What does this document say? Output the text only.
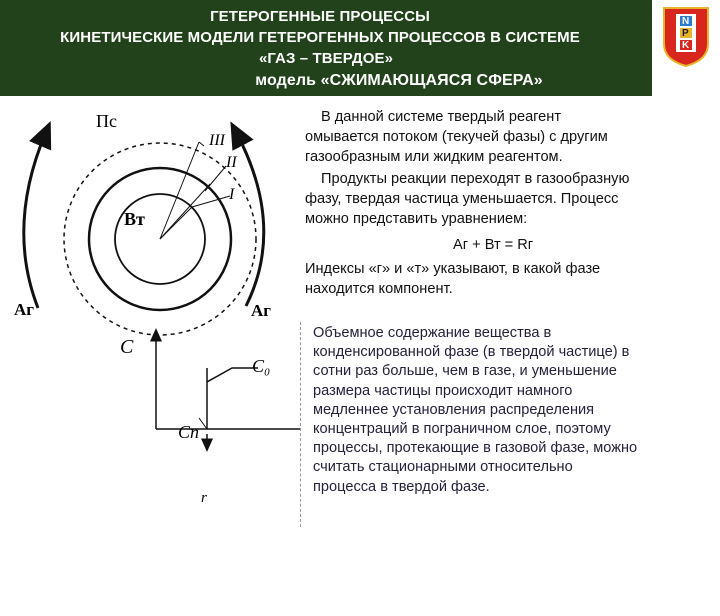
ГЕТЕРОГЕННЫЕ ПРОЦЕССЫ
КИНЕТИЧЕСКИЕ МОДЕЛИ ГЕТЕРОГЕННЫХ ПРОЦЕССОВ В СИСТЕМЕ
«ГАЗ – ТВЕРДОЕ»
модель «СЖИМАЮЩАЯСЯ СФЕРА»
N
P
K
Пс
III
II
I
Вт
Аг	Аг
C
C₀
Cп
r
В данной системе твердый реагент
омывается потоком (текучей фазы) с другим
газообразным или жидким реагентом.
Продукты реакции переходят в газообразную
фазу, твердая частица уменьшается. Процесс
можно представить уравнением:
Аг + Вт = Rг
Индексы «г» и «т» указывают, в какой фазе
находится компонент.
Объемное содержание вещества в
конденсированной фазе (в твердой частице) в
сотни раз больше, чем в газе, и уменьшение
размера частицы происходит намного
медленнее установления распределения
концентраций в пограничном слое, поэтому
процессы, протекающие в газовой фазе, можно
считать стационарными относительно
процесса в твердой фазе.
